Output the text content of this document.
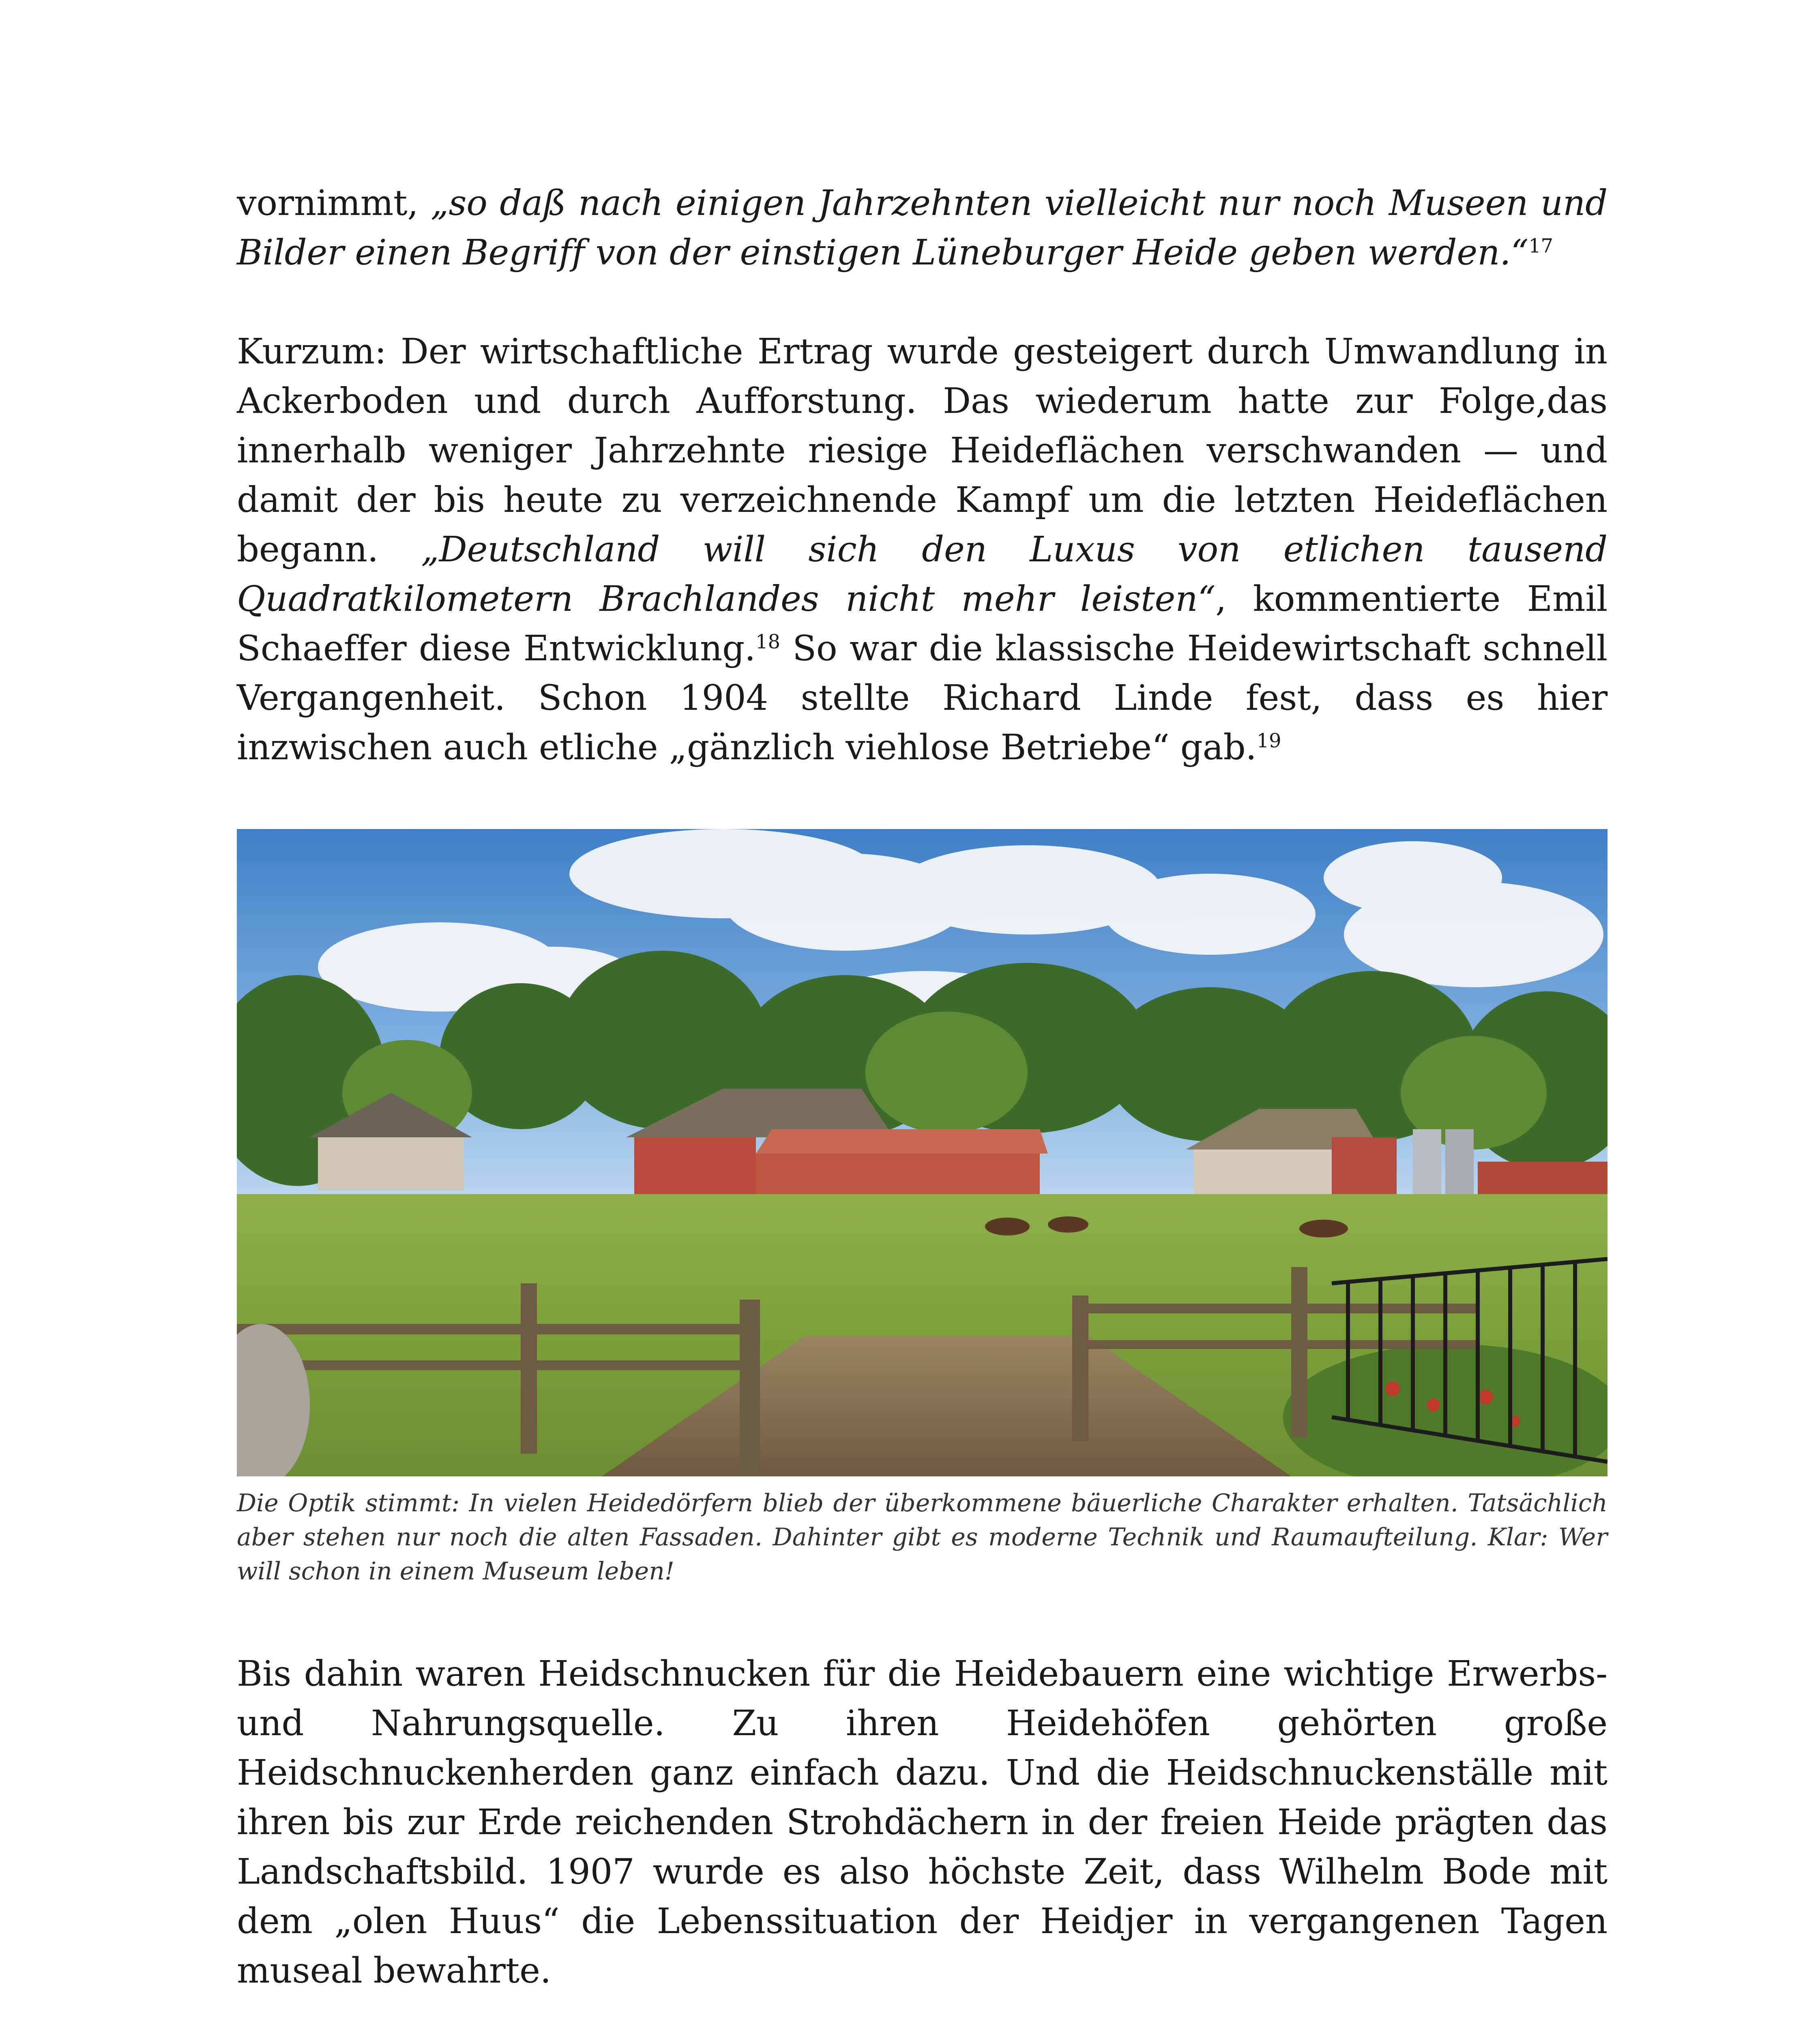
vornimmt, „so daß nach einigen Jahrzehnten vielleicht nur noch Museen und Bilder einen Begriff von der einstigen Lüneburger Heide geben werden.“$^{17}$

Kurzum: Der wirtschaftliche Ertrag wurde gesteigert durch Umwandlung in Ackerboden und durch Aufforstung. Das wiederum hatte zur Folge,das innerhalb weniger Jahrzehnte riesige Heideflächen verschwanden — und damit der bis heute zu verzeichnende Kampf um die letzten Heideflächen begann. „Deutschland will sich den Luxus von etlichen tausend Quadratkilometern Brachlandes nicht mehr leisten“, kommentierte Emil Schaeffer diese Entwicklung.$^{18}$ So war die klassische Heidewirtschaft schnell Vergangenheit. Schon 1904 stellte Richard Linde fest, dass es hier inzwischen auch etliche „gänzlich viehlose Betriebe“ gab.$^{19}$

Die Optik stimmt: In vielen Heidedörfern blieb der überkommene bäuerliche Charakter erhalten. Tatsächlich aber stehen nur noch die alten Fassaden. Dahinter gibt es moderne Technik und Raumaufteilung. Klar: Wer will schon in einem Museum leben!

Bis dahin waren Heidschnucken für die Heidebauern eine wichtige Erwerbs- und Nahrungsquelle. Zu ihren Heidehöfen gehörten große Heidschnuckenherden ganz einfach dazu. Und die Heidschnuckenställe mit ihren bis zur Erde reichenden Strohdächern in der freien Heide prägten das Landschaftsbild. 1907 wurde es also höchste Zeit, dass Wilhelm Bode mit dem „olen Huus“ die Lebenssituation der Heidjer in vergangenen Tagen museal bewahrte.
